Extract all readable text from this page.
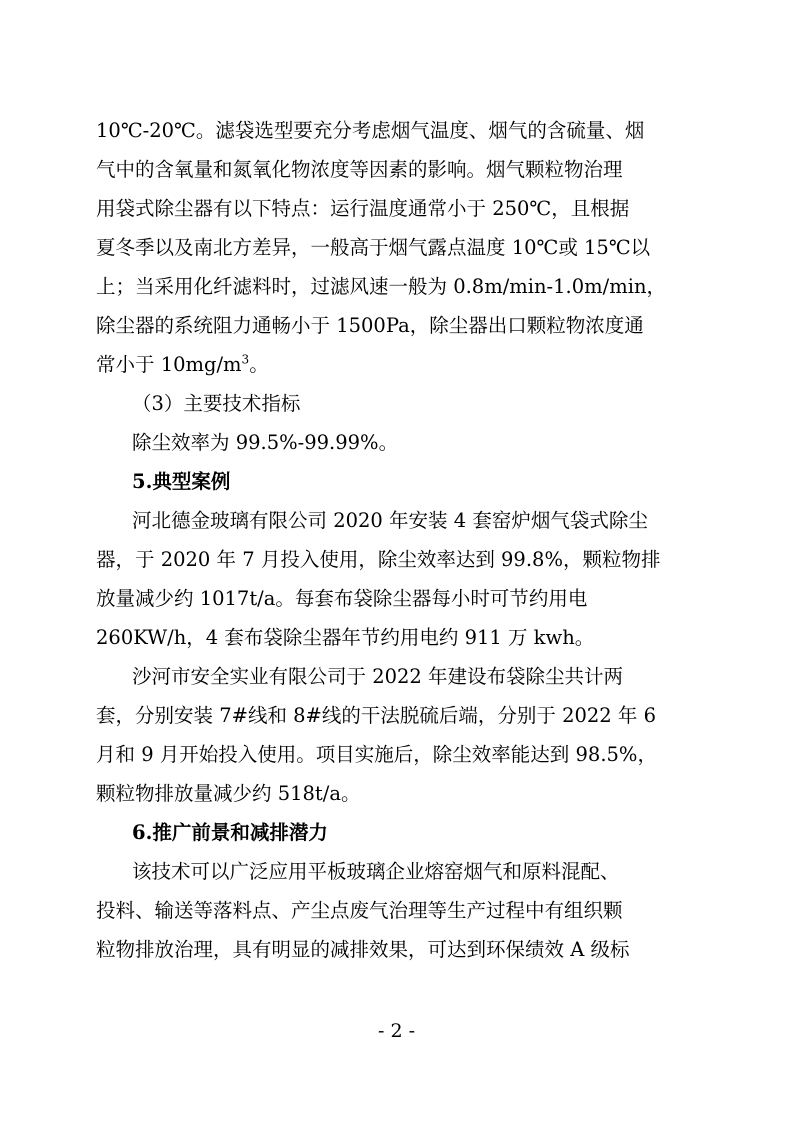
10℃-20℃。滤袋选型要充分考虑烟气温度、烟气的含硫量、烟
气中的含氧量和氮氧化物浓度等因素的影响。烟气颗粒物治理
用袋式除尘器有以下特点：运行温度通常小于 250℃，且根据
夏冬季以及南北方差异，一般高于烟气露点温度 10℃或 15℃以
上；当采用化纤滤料时，过滤风速一般为 0.8m/min-1.0m/min，
除尘器的系统阻力通畅小于 1500Pa，除尘器出口颗粒物浓度通
常小于 $10mg/m^3$。
（3）主要技术指标
除尘效率为 99.5%-99.99%。
5.典型案例
河北德金玻璃有限公司 2020 年安装 4 套窑炉烟气袋式除尘
器，于 2020 年 7 月投入使用，除尘效率达到 99.8%，颗粒物排
放量减少约 1017t/a。每套布袋除尘器每小时可节约用电
260KW/h，4 套布袋除尘器年节约用电约 911 万 kwh。
沙河市安全实业有限公司于 2022 年建设布袋除尘共计两
套，分别安装 7#线和 8#线的干法脱硫后端，分别于 2022 年 6
月和 9 月开始投入使用。项目实施后，除尘效率能达到 98.5%，
颗粒物排放量减少约 518t/a。
6.推广前景和减排潜力
该技术可以广泛应用平板玻璃企业熔窑烟气和原料混配、
投料、输送等落料点、产尘点废气治理等生产过程中有组织颗
粒物排放治理，具有明显的减排效果，可达到环保绩效 A 级标
- 2 -
